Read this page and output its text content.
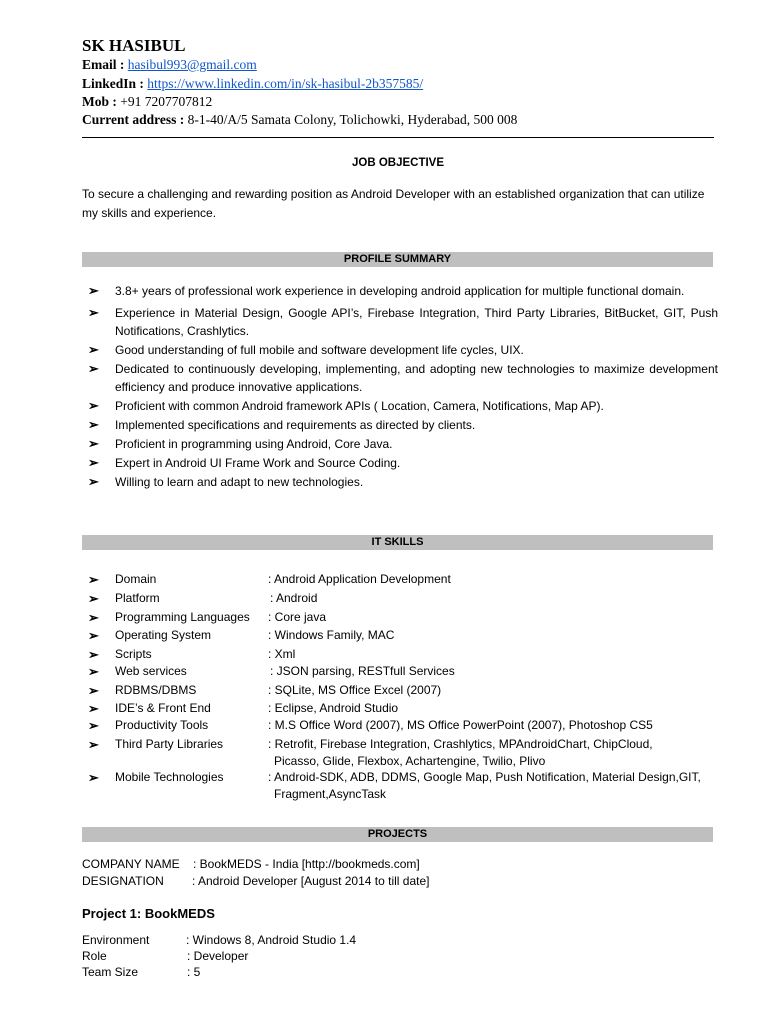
SK HASIBUL
Email : hasibul993@gmail.com
LinkedIn : https://www.linkedin.com/in/sk-hasibul-2b357585/
Mob : +91 7207707812
Current address : 8-1-40/A/5 Samata Colony, Tolichowki, Hyderabad, 500 008
JOB OBJECTIVE
To secure a challenging and rewarding position as Android Developer with an established organization that can utilize my skills and experience.
PROFILE SUMMARY
➢ 3.8+ years of professional work experience in developing android application for multiple functional domain.
➢ Experience in Material Design, Google API’s, Firebase Integration, Third Party Libraries, BitBucket, GIT, Push Notifications, Crashlytics.
➢ Good understanding of full mobile and software development life cycles, UIX.
➢ Dedicated to continuously developing, implementing, and adopting new technologies to maximize development efficiency and produce innovative applications.
➢ Proficient with common Android framework APIs ( Location, Camera, Notifications, Map AP).
➢ Implemented specifications and requirements as directed by clients.
➢ Proficient in programming using Android, Core Java.
➢ Expert in Android UI Frame Work and Source Coding.
➢ Willing to learn and adapt to new technologies.
IT SKILLS
➢ Domain	: Android Application Development
➢ Platform	: Android
➢ Programming Languages : Core java
➢ Operating System	: Windows Family, MAC
➢ Scripts	: Xml
➢ Web services	: JSON parsing, RESTfull Services
➢ RDBMS/DBMS	: SQLite, MS Office Excel (2007)
➢ IDE’s & Front End	: Eclipse, Android Studio
➢ Productivity Tools	: M.S Office Word (2007), MS Office PowerPoint (2007), Photoshop CS5
➢ Third Party Libraries	: Retrofit, Firebase Integration, Crashlytics, MPAndroidChart, ChipCloud,
Picasso, Glide, Flexbox, Achartengine, Twilio, Plivo
➢ Mobile Technologies	: Android-SDK, ADB, DDMS, Google Map, Push Notification, Material Design,GIT,
Fragment,AsyncTask
PROJECTS
COMPANY NAME : BookMEDS - India [http://bookmeds.com]
DESIGNATION : Android Developer [August 2014 to till date]
Project 1: BookMEDS
Environment	: Windows 8, Android Studio 1.4
Role	: Developer
Team Size	: 5
